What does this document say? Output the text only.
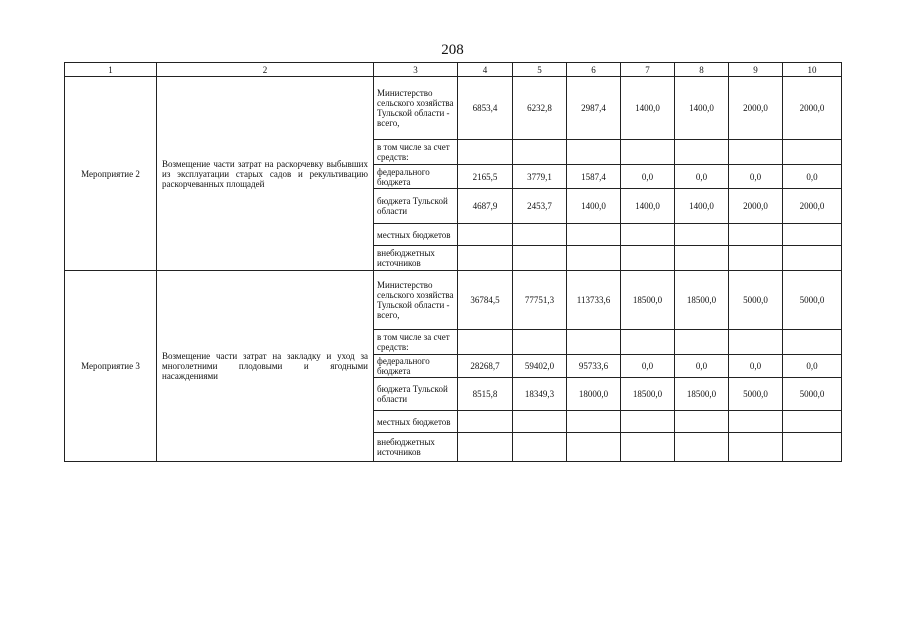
208
1	2	3	4	5	6	7	8	9	10
Мероприятие 2	Возмещение части затрат на раскорчевку выбывших из эксплуатации старых садов и рекультивацию раскорчеванных площадей	Министерство сельского хозяйства Тульской области - всего,	6853,4	6232,8	2987,4	1400,0	1400,0	2000,0	2000,0
		в том числе за счет средств:							
		федерального бюджета	2165,5	3779,1	1587,4	0,0	0,0	0,0	0,0
		бюджета Тульской области	4687,9	2453,7	1400,0	1400,0	1400,0	2000,0	2000,0
		местных бюджетов							
		внебюджетных источников							
Мероприятие 3	Возмещение части затрат на закладку и уход за многолетними плодовыми и ягодными насаждениями	Министерство сельского хозяйства Тульской области - всего,	36784,5	77751,3	113733,6	18500,0	18500,0	5000,0	5000,0
		в том числе за счет средств:							
		федерального бюджета	28268,7	59402,0	95733,6	0,0	0,0	0,0	0,0
		бюджета Тульской области	8515,8	18349,3	18000,0	18500,0	18500,0	5000,0	5000,0
		местных бюджетов							
		внебюджетных источников							
